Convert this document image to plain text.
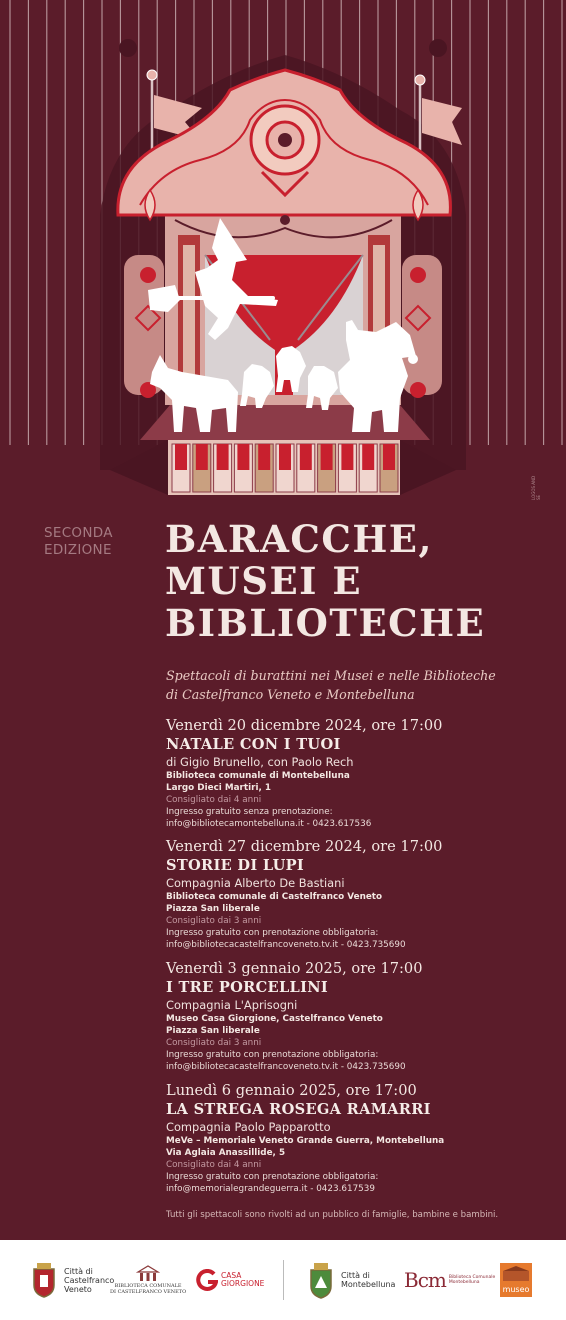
LOGOS AND SE
SECONDA
EDIZIONE	BARACCHE,
MUSEI E
BIBLIOTECHE
Spettacoli di burattini nei Musei e nelle Biblioteche
di Castelfranco Veneto e Montebelluna
Venerdì 20 dicembre 2024, ore 17:00
NATALE CON I TUOI
di Gigio Brunello, con Paolo Rech
Biblioteca comunale di Montebelluna
Largo Dieci Martiri, 1
Consigliato dai 4 anni
Ingresso gratuito senza prenotazione:
info@bibliotecamontebelluna.it - 0423.617536
Venerdì 27 dicembre 2024, ore 17:00
STORIE DI LUPI
Compagnia Alberto De Bastiani
Biblioteca comunale di Castelfranco Veneto
Piazza San liberale
Consigliato dai 3 anni
Ingresso gratuito con prenotazione obbligatoria:
info@bibliotecacastelfrancoveneto.tv.it - 0423.735690
Venerdì 3 gennaio 2025, ore 17:00
I TRE PORCELLINI
Compagnia L'Aprisogni
Museo Casa Giorgione, Castelfranco Veneto
Piazza San liberale
Consigliato dai 3 anni
Ingresso gratuito con prenotazione obbligatoria:
info@bibliotecacastelfrancoveneto.tv.it - 0423.735690
Lunedì 6 gennaio 2025, ore 17:00
LA STREGA ROSEGA RAMARRI
Compagnia Paolo Papparotto
MeVe – Memoriale Veneto Grande Guerra, Montebelluna
Via Aglaia Anassillide, 5
Consigliato dai 4 anni
Ingresso gratuito con prenotazione obbligatoria:
info@memorialegrandeguerra.it - 0423.617539
Tutti gli spettacoli sono rivolti ad un pubblico di famiglie, bambine e bambini.
Città di
Castelfranco
Veneto	BIBLIOTECA COMUNALE
DI CASTELFRANCO VENETO
CASA
GIORGIONE
Città di
Montebelluna Bcm Biblioteca Comunale Montebelluna
museo
